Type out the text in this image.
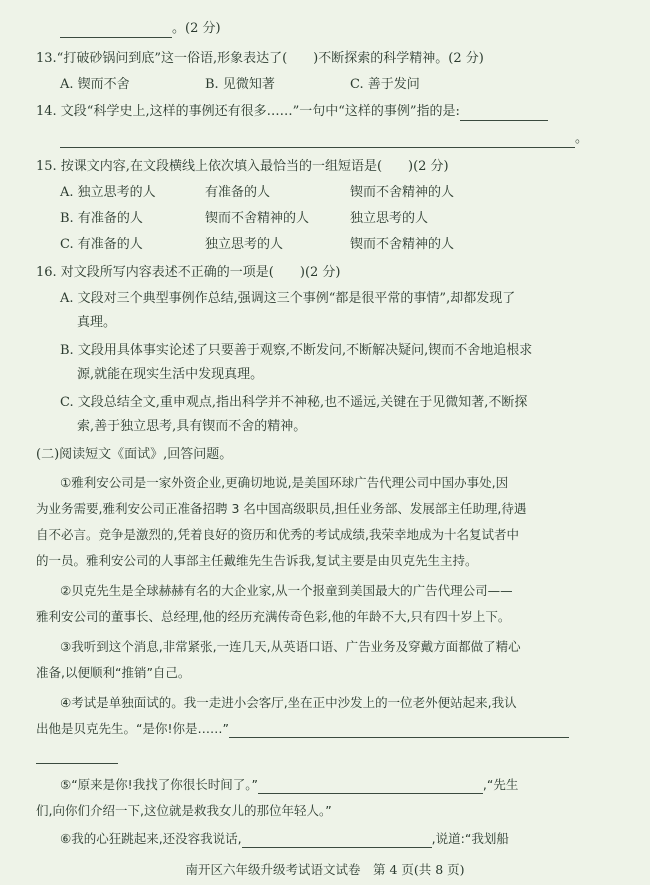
。(2 分)
13.“打破砂锅问到底”这一俗语,形象表达了(　　)不断探索的科学精神。(2 分)
A. 锲而不舍	B. 见微知著	C. 善于发问
14. 文段“科学史上,这样的事例还有很多……”一句中“这样的事例”指的是:
。
15. 按课文内容,在文段横线上依次填入最恰当的一组短语是(　　)(2 分)
A. 独立思考的人	有准备的人	锲而不舍精神的人
B. 有准备的人	锲而不舍精神的人	独立思考的人
C. 有准备的人	独立思考的人	锲而不舍精神的人
16. 对文段所写内容表述不正确的一项是(　　)(2 分)
A. 文段对三个典型事例作总结,强调这三个事例“都是很平常的事情”,却都发现了
真理。
B. 文段用具体事实论述了只要善于观察,不断发问,不断解决疑问,锲而不舍地追根求
源,就能在现实生活中发现真理。
C. 文段总结全文,重申观点,指出科学并不神秘,也不遥远,关键在于见微知著,不断探
索,善于独立思考,具有锲而不舍的精神。
(二)阅读短文《面试》,回答问题。
①雅利安公司是一家外资企业,更确切地说,是美国环球广告代理公司中国办事处,因
为业务需要,雅利安公司正准备招聘 3 名中国高级职员,担任业务部、发展部主任助理,待遇
自不必言。竞争是激烈的,凭着良好的资历和优秀的考试成绩,我荣幸地成为十名复试者中
的一员。雅利安公司的人事部主任戴维先生告诉我,复试主要是由贝克先生主持。
②贝克先生是全球赫赫有名的大企业家,从一个报童到美国最大的广告代理公司——
雅利安公司的董事长、总经理,他的经历充满传奇色彩,他的年龄不大,只有四十岁上下。
③我听到这个消息,非常紧张,一连几天,从英语口语、广告业务及穿戴方面都做了精心
准备,以便顺利“推销”自己。
④考试是单独面试的。我一走进小会客厅,坐在正中沙发上的一位老外便站起来,我认
出他是贝克先生。“是你!你是……”
⑤“原来是你!我找了你很长时间了。”	,“先生
们,向你们介绍一下,这位就是救我女儿的那位年轻人。”
⑥我的心狂跳起来,还没容我说话,	,说道:“我划船
南开区六年级升级考试语文试卷　第 4 页(共 8 页)
